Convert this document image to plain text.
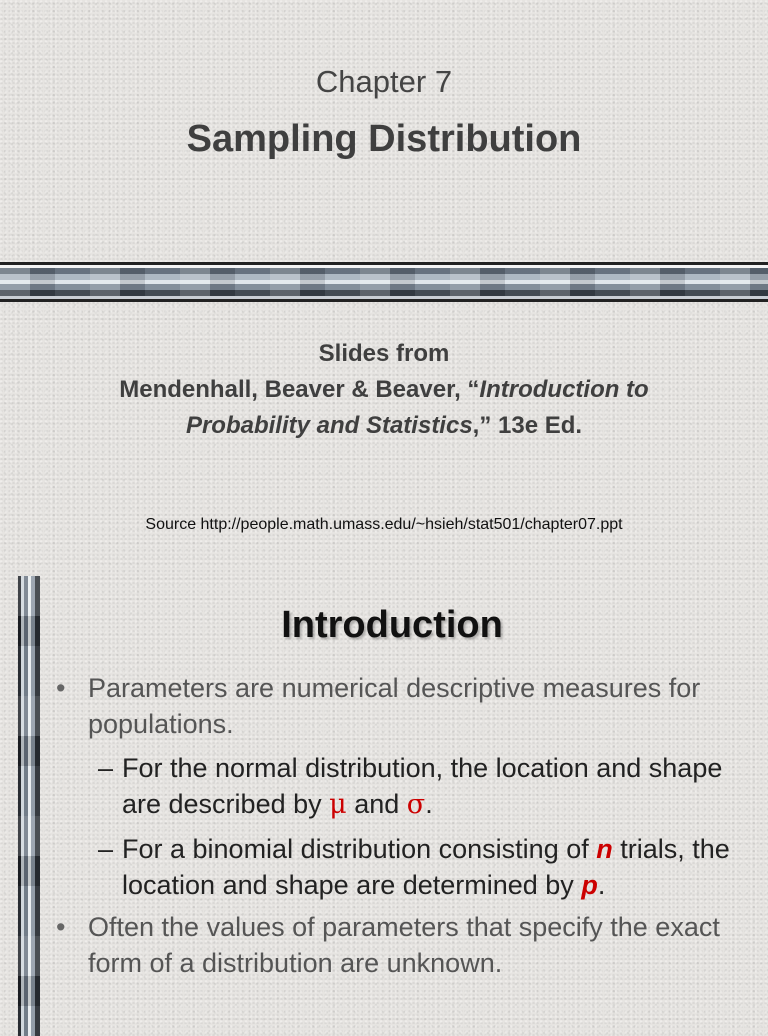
Chapter 7
Sampling Distribution
Slides from
Mendenhall, Beaver & Beaver, “Introduction to
Probability and Statistics,” 13e Ed.
Source http://people.math.umass.edu/~hsieh/stat501/chapter07.ppt
Introduction

• Parameters are numerical descriptive measures for populations.

– For the normal distribution, the location and shape are described by μ and σ.

– For a binomial distribution consisting of n trials, the location and shape are determined by p.

• Often the values of parameters that specify the exact form of a distribution are unknown.
